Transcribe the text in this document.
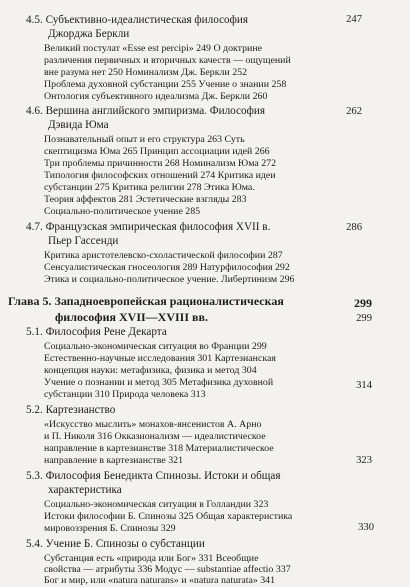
4.5. Субъективно-идеалистическая философия
Джорджа Беркли
247
Великий постулат «Esse est percipi» 249 О доктрине
различения первичных и вторичных качеств — ощущений
вне разума нет 250 Номинализм Дж. Беркли 252
Проблема духовной субстанции 255 Учение о знании 258
Онтология субъективного идеализма Дж. Беркли 260
4.6. Вершина английского эмпиризма. Философия
Дэвида Юма
262
Познавательный опыт и его структура 263 Суть
скептицизма Юма 265 Принцип ассоциации идей 266
Три проблемы причинности 268 Номинализм Юма 272
Типология философских отношений 274 Критика идеи
субстанции 275 Критика религии 278 Этика Юма.
Теория аффектов 281 Эстетические взгляды 283
Социально-политическое учение 285
4.7. Французская эмпирическая философия XVII в.
Пьер Гассенди
286
Критика аристотелевско-схоластической философии 287
Сенсуалистическая гносеология 289 Натурфилософия 292
Этика и социально-политическое учение. Либертинизм 296
Глава 5. Западноевропейская рационалистическая
философия XVII—XVIII вв.
299
5.1. Философия Рене Декарта
299
Социально-экономическая ситуация во Франции 299
Естественно-научные исследования 301 Картезианская
концепция науки: метафизика, физика и метод 304
Учение о познании и метод 305 Метафизика духовной
субстанции 310 Природа человека 313
5.2. Картезианство
314
«Искусство мыслить» монахов-янсенистов А. Арно
и П. Николя 316 Окказионализм — идеалистическое
направление в картезианстве 318 Материалистическое
направление в картезианстве 321
5.3. Философия Бенедикта Спинозы. Истоки и общая
характеристика
323
Социально-экономическая ситуация в Голландии 323
Истоки философии Б. Спинозы 325 Общая характеристика
мировоззрения Б. Спинозы 329
5.4. Учение Б. Спинозы о субстанции
330
Субстанция есть «природа или Бог» 331 Всеобщие
свойства — атрибуты 336 Модус — substantiae affectio 337
Бог и мир, или «natura naturans» и «natura naturata» 341
